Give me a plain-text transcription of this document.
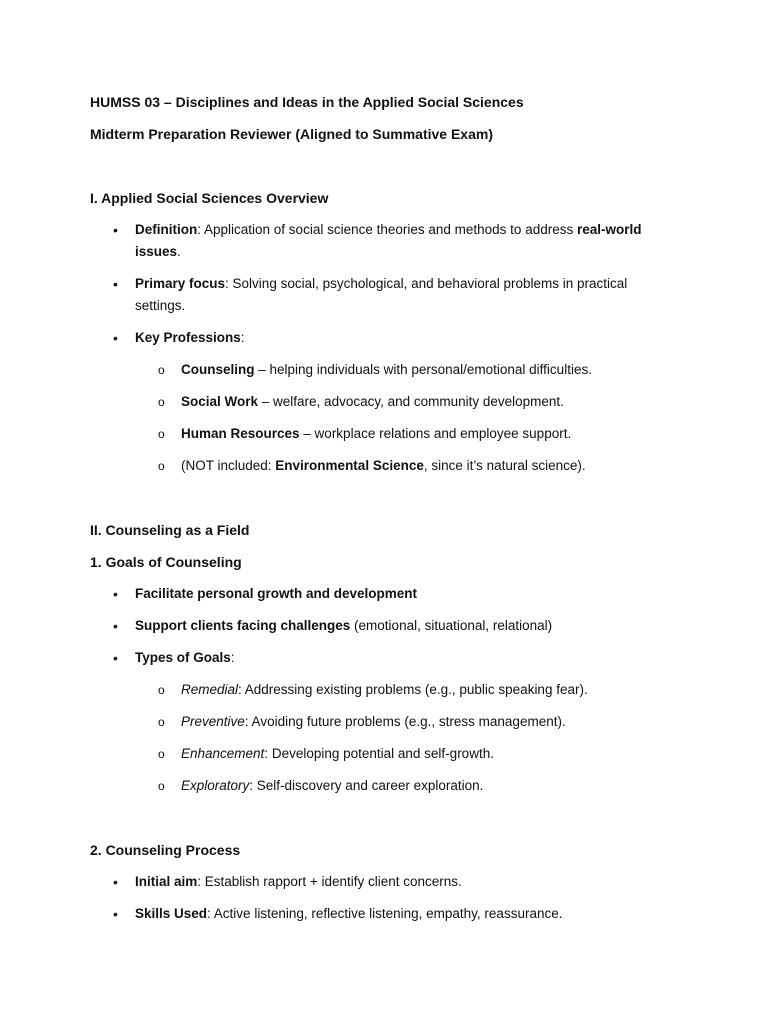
HUMSS 03 – Disciplines and Ideas in the Applied Social Sciences
Midterm Preparation Reviewer (Aligned to Summative Exam)
I. Applied Social Sciences Overview
• Definition: Application of social science theories and methods to address real-world
issues.
• Primary focus: Solving social, psychological, and behavioral problems in practical
settings.
• Key Professions:
o Counseling – helping individuals with personal/emotional difficulties.
o Social Work – welfare, advocacy, and community development.
o Human Resources – workplace relations and employee support.
o (NOT included: Environmental Science, since it’s natural science).
II. Counseling as a Field
1. Goals of Counseling
• Facilitate personal growth and development
• Support clients facing challenges (emotional, situational, relational)
• Types of Goals:
o Remedial: Addressing existing problems (e.g., public speaking fear).
o Preventive: Avoiding future problems (e.g., stress management).
o Enhancement: Developing potential and self-growth.
o Exploratory: Self-discovery and career exploration.
2. Counseling Process
• Initial aim: Establish rapport + identify client concerns.
• Skills Used: Active listening, reflective listening, empathy, reassurance.
